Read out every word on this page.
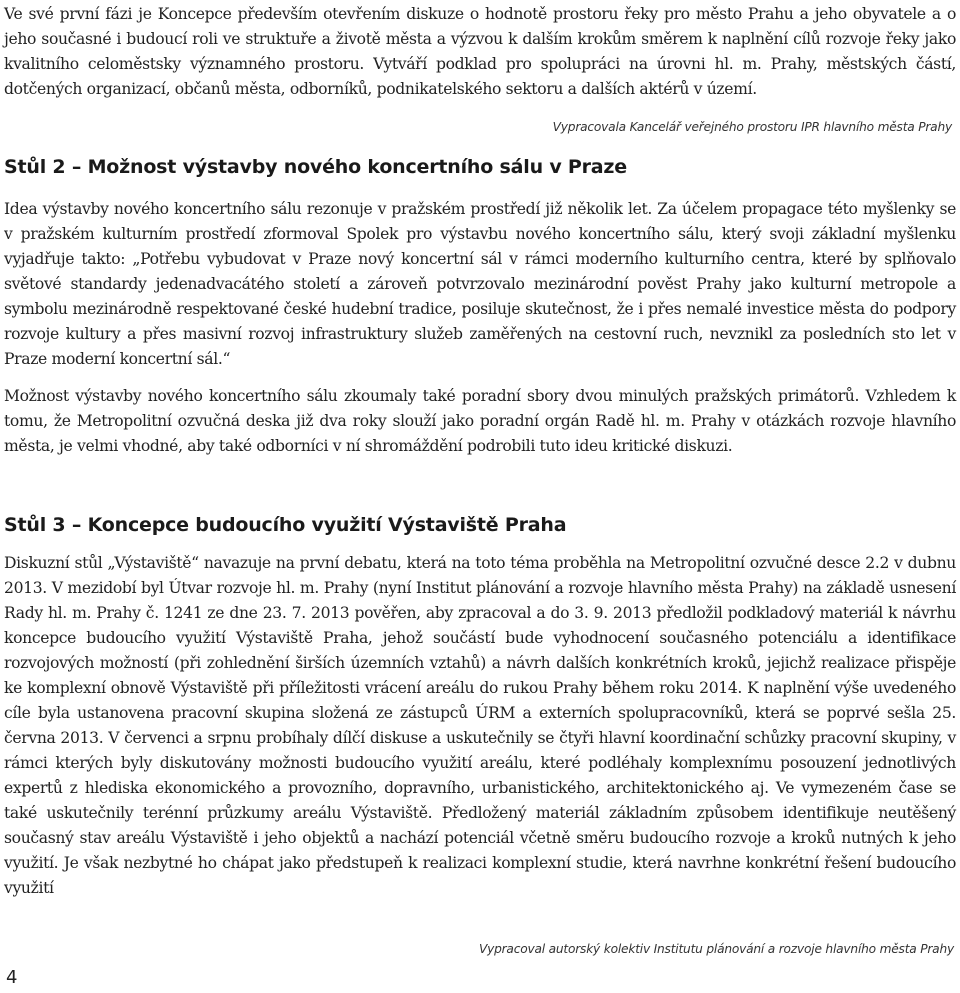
Ve své první fázi je Koncepce především otevřením diskuze o hodnotě prostoru řeky pro město Prahu a jeho obyvatele a o jeho současné i budoucí roli ve struktuře a životě města a výzvou k dalším krokům směrem k naplnění cílů rozvoje řeky jako kvalitního celoměstsky významného prostoru. Vytváří podklad pro spolupráci na úrovni hl. m. Prahy, městských částí, dotčených organizací, občanů města, odborníků, podnikatelského sektoru a dalších aktérů v území.

Vypracovala Kancelář veřejného prostoru IPR hlavního města Prahy
Stůl 2 – Možnost výstavby nového koncertního sálu v Praze

Idea výstavby nového koncertního sálu rezonuje v pražském prostředí již několik let. Za účelem propagace této myšlenky se v pražském kulturním prostředí zformoval Spolek pro výstavbu nového koncertního sálu, který svoji základní myšlenku vyjadřuje takto: „Potřebu vybudovat v Praze nový koncertní sál v rámci moderního kulturního centra, které by splňovalo světové standardy jedenadvacátého století a zároveň potvrzovalo mezinárodní pověst Prahy jako kulturní metropole a symbolu mezinárodně respektované české hudební tradice, posiluje skutečnost, že i přes nemalé investice města do podpory rozvoje kultury a přes masivní rozvoj infrastruktury služeb zaměřených na cestovní ruch, nevznikl za posledních sto let v Praze moderní koncertní sál.“

Možnost výstavby nového koncertního sálu zkoumaly také poradní sbory dvou minulých pražských primátorů. Vzhledem k tomu, že Metropolitní ozvučná deska již dva roky slouží jako poradní orgán Radě hl. m. Prahy v otázkách rozvoje hlavního města, je velmi vhodné, aby také odborníci v ní shromáždění podrobili tuto ideu kritické diskuzi.

Stůl 3 – Koncepce budoucího využití Výstaviště Praha

Diskuzní stůl „Výstaviště“ navazuje na první debatu, která na toto téma proběhla na Metropolitní ozvučné desce 2.2 v dubnu 2013. V mezidobí byl Útvar rozvoje hl. m. Prahy (nyní Institut plánování a rozvoje hlavního města Prahy) na základě usnesení Rady hl. m. Prahy č. 1241 ze dne 23. 7. 2013 pověřen, aby zpracoval a do 3. 9. 2013 předložil podkladový materiál k návrhu koncepce budoucího využití Výstaviště Praha, jehož součástí bude vyhodnocení současného potenciálu a identifikace rozvojových možností (při zohlednění širších územních vztahů) a návrh dalších konkrétních kroků, jejichž realizace přispěje ke komplexní obnově Výstaviště při příležitosti vrácení areálu do rukou Prahy během roku 2014. K naplnění výše uvedeného cíle byla ustanovena pracovní skupina složená ze zástupců ÚRM a externích spolupracovníků, která se poprvé sešla 25. června 2013. V červenci a srpnu probíhaly dílčí diskuse a uskutečnily se čtyři hlavní koordinační schůzky pracovní skupiny, v rámci kterých byly diskutovány možnosti budoucího využití areálu, které podléhaly komplexnímu posouzení jednotlivých expertů z hlediska ekonomického a provozního, dopravního, urbanistického, architektonického aj. Ve vymezeném čase se také uskutečnily terénní průzkumy areálu Výstaviště. Předložený materiál základním způsobem identifikuje neutěšený současný stav areálu Výstaviště i jeho objektů a nachází potenciál včetně směru budoucího rozvoje a kroků nutných k jeho využití. Je však nezbytné ho chápat jako předstupeň k realizaci komplexní studie, která navrhne konkrétní řešení budoucího využití

Vypracoval autorský kolektiv Institutu plánování a rozvoje hlavního města Prahy
4
